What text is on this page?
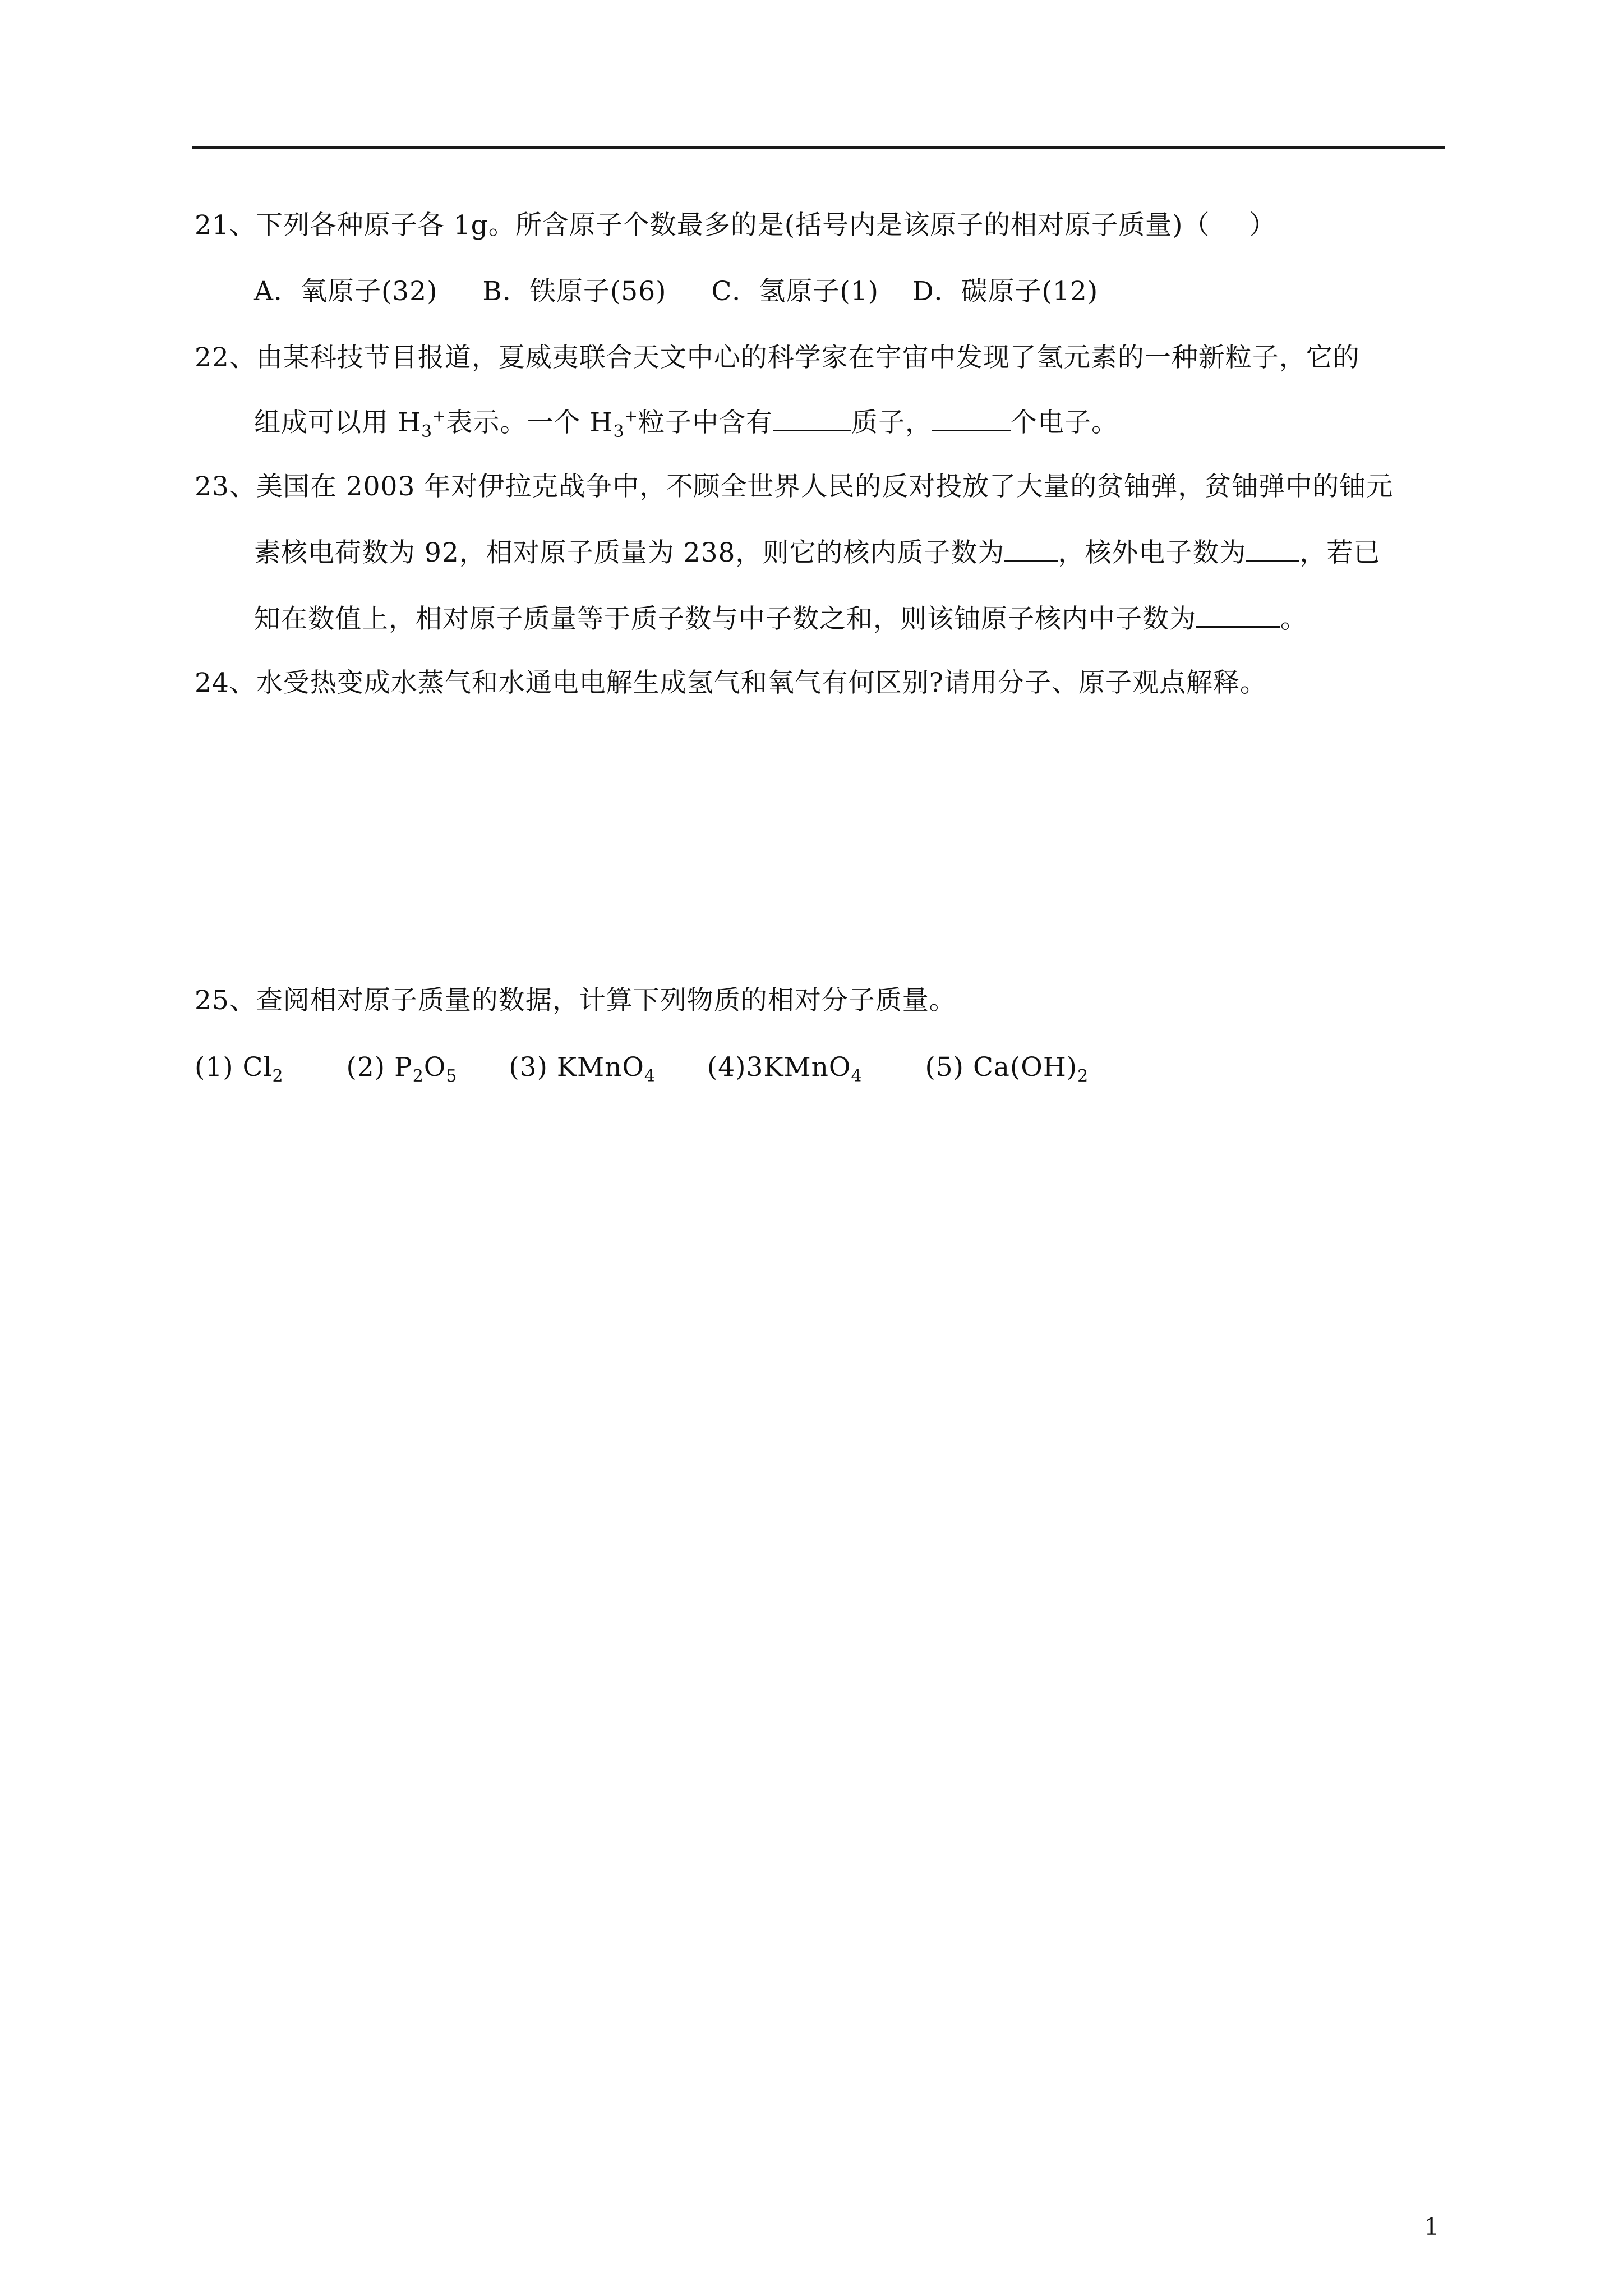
21、下列各种原子各 1g。所含原子个数最多的是(括号内是该原子的相对原子质量)（ ）
A．氧原子(32) B．铁原子(56) C．氢原子(1) D．碳原子(12)
22、由某科技节目报道，夏威夷联合天文中心的科学家在宇宙中发现了氢元素的一种新粒子，它的
组成可以用 $H_3^+$表示。一个 $H_3^+$粒子中含有	质子，	个电子。
23、美国在 2003 年对伊拉克战争中，不顾全世界人民的反对投放了大量的贫铀弹，贫铀弹中的铀元
素核电荷数为 92，相对原子质量为 238，则它的核内质子数为 ，核外电子数为 ，若已
知在数值上，相对原子质量等于质子数与中子数之和，则该铀原子核内中子数为	。
24、水受热变成水蒸气和水通电电解生成氢气和氧气有何区别?请用分子、原子观点解释。
25、查阅相对原子质量的数据，计算下列物质的相对分子质量。
(1) $Cl_2$ (2) $P_2O_5$ (3) KMnO$_4$ (4)3KMnO$_4$ (5) $Ca(OH)_2$
1
